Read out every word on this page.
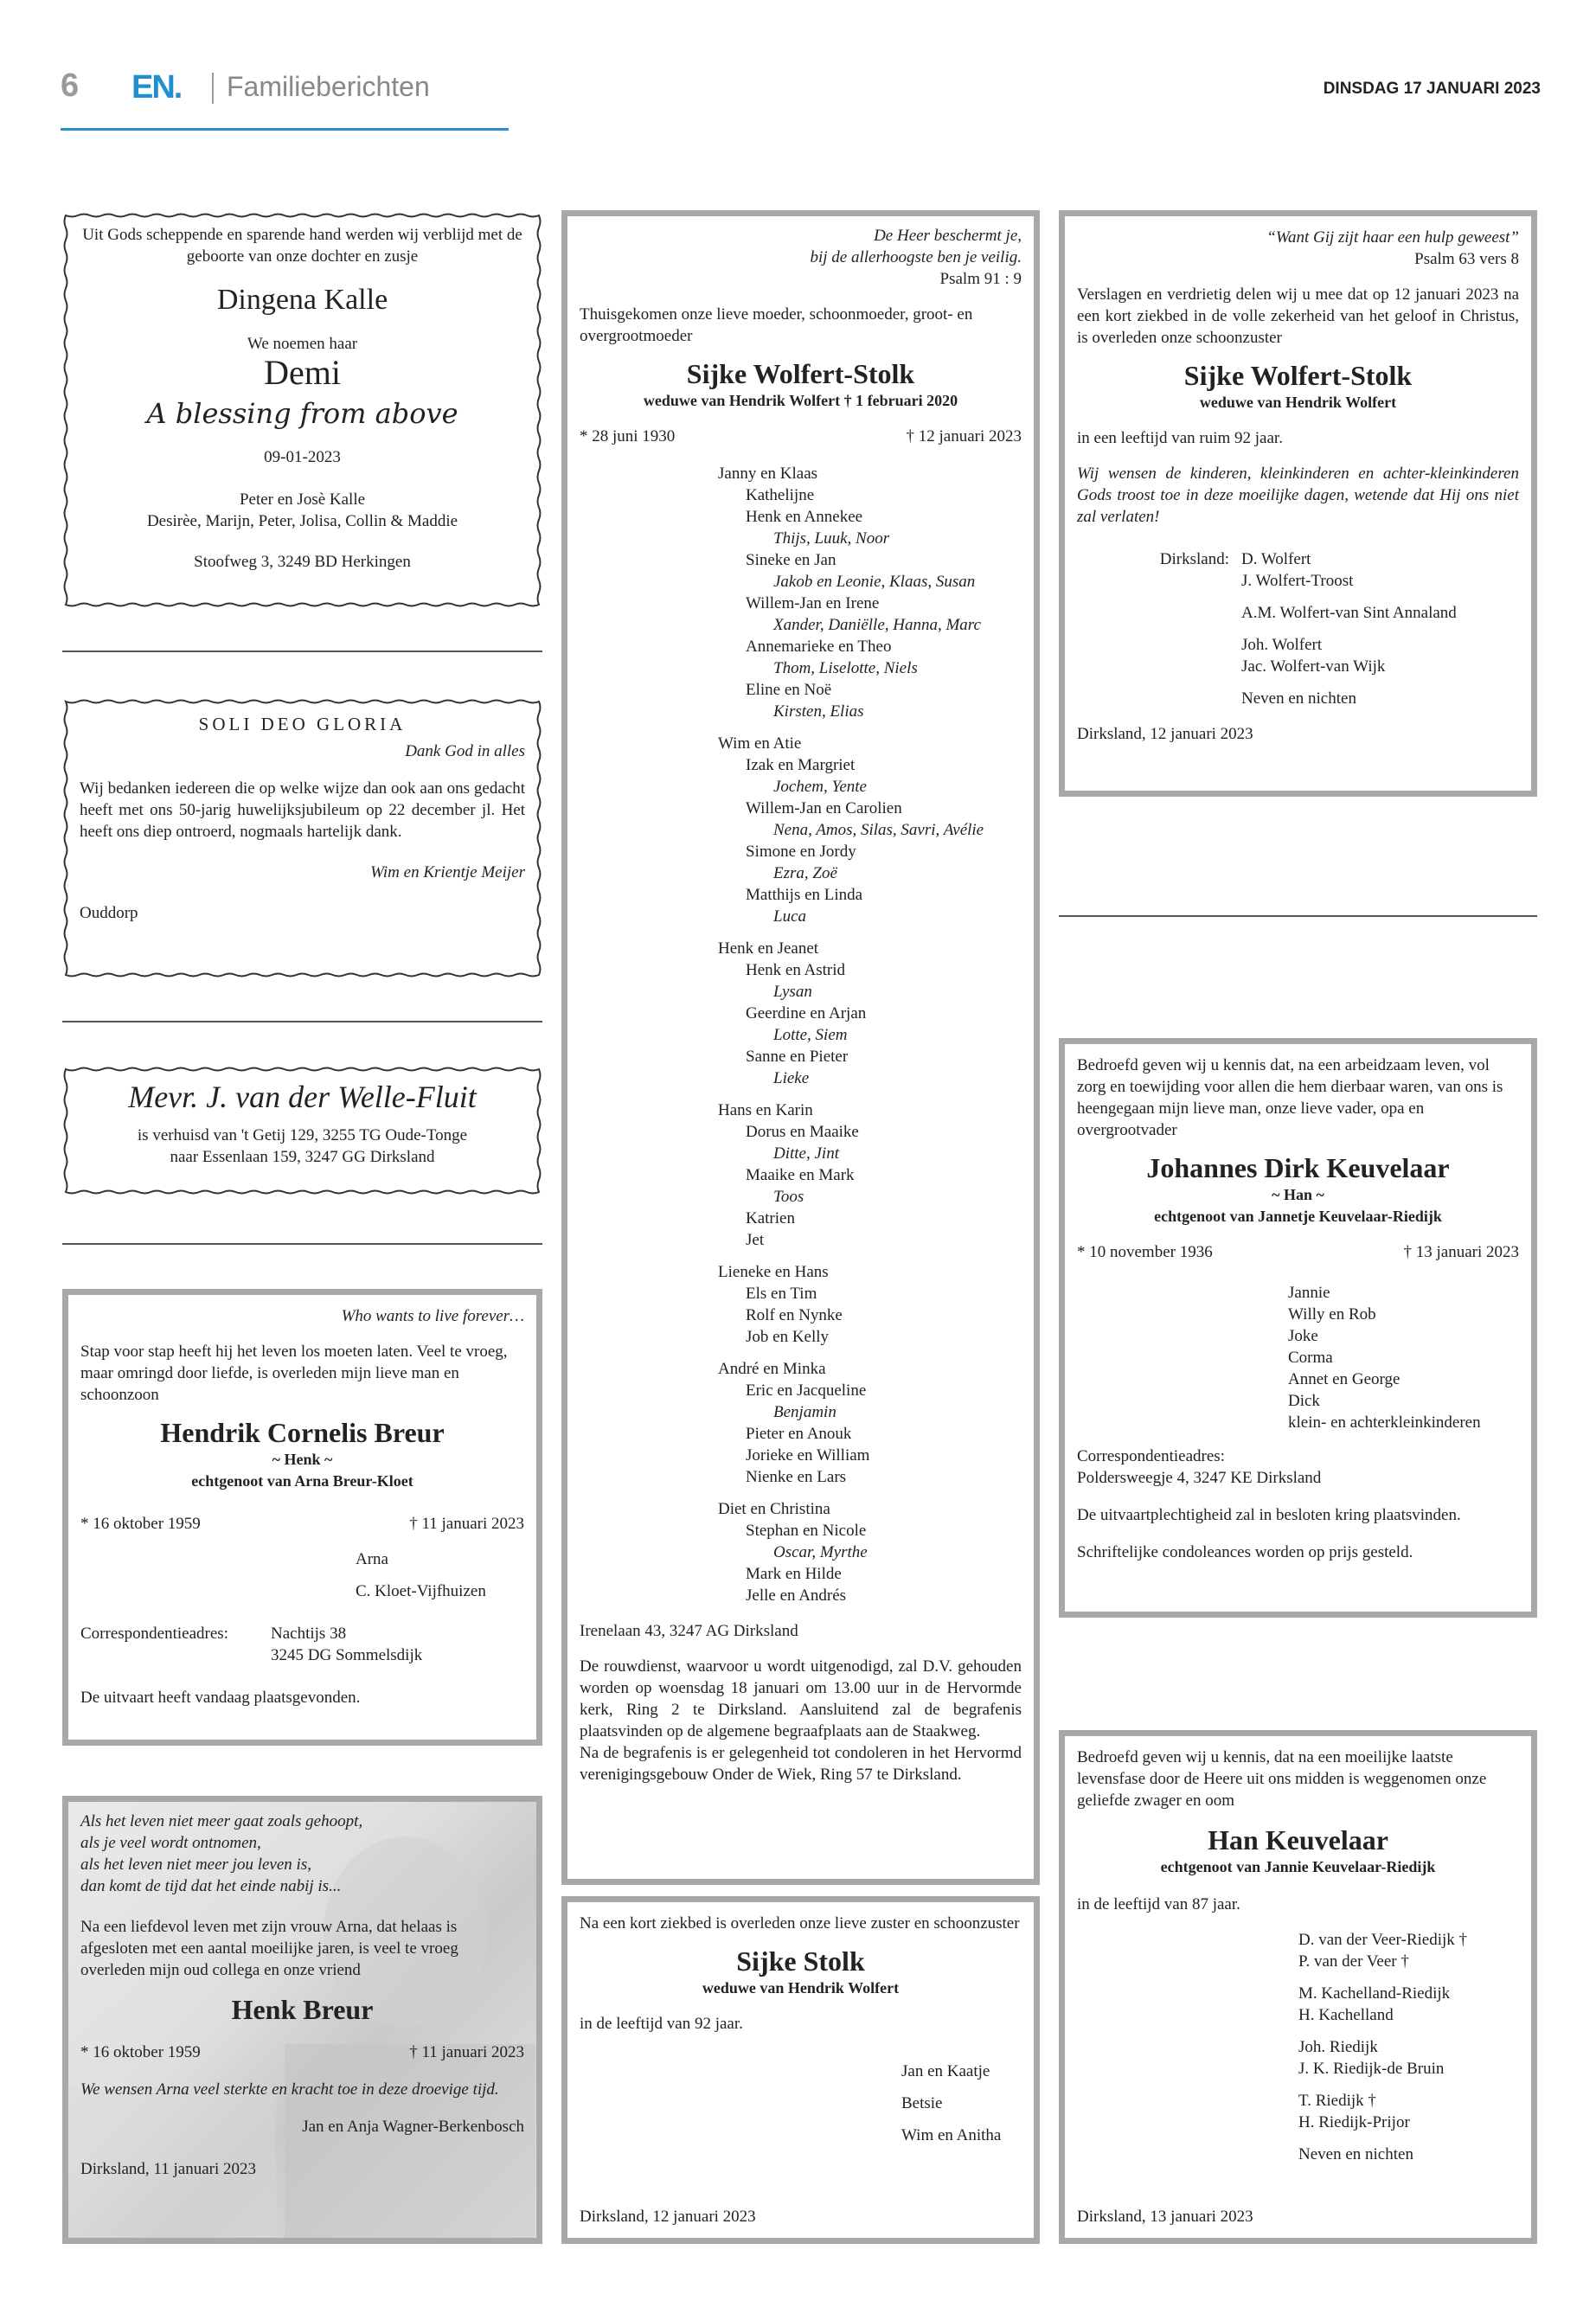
6 EN. Familieberichten	DINSDAG 17 JANUARI 2023

Uit Gods scheppende en sparende hand werden wij verblijd met de geboorte van onze dochter en zusje

Dingena Kalle

We noemen haar

Demi

A blessing from above

09-01-2023

Peter en Josè Kalle

Desirèe, Marijn, Peter, Jolisa, Collin & Maddie

Stoofweg 3, 3249 BD Herkingen

SOLI DEO GLORIA

Dank God in alles

Wij bedanken iedereen die op welke wijze dan ook aan ons gedacht heeft met ons 50-jarig huwelijksjubileum op 22 december jl. Het heeft ons diep ontroerd, nogmaals hartelijk dank.

Wim en Krientje Meijer

Ouddorp

Mevr. J. van der Welle-Fluit

is verhuisd van 't Getij 129, 3255 TG Oude-Tonge

naar Essenlaan 159, 3247 GG Dirksland

Who wants to live forever…

Stap voor stap heeft hij het leven los moeten laten. Veel te vroeg, maar omringd door liefde, is overleden mijn lieve man en schoonzoon

Hendrik Cornelis Breur

~ Henk ~

echtgenoot van Arna Breur-Kloet

* 16 oktober 1959	† 11 januari 2023

Arna

C. Kloet-Vijfhuizen

Correspondentieadres:	Nachtijs 38

3245 DG Sommelsdijk

De uitvaart heeft vandaag plaatsgevonden.

Als het leven niet meer gaat zoals gehoopt,

als je veel wordt ontnomen,

als het leven niet meer jou leven is,

dan komt de tijd dat het einde nabij is...

Na een liefdevol leven met zijn vrouw Arna, dat helaas is afgesloten met een aantal moeilijke jaren, is veel te vroeg overleden mijn oud collega en onze vriend

Henk Breur

* 16 oktober 1959	† 11 januari 2023

We wensen Arna veel sterkte en kracht toe in deze droevige tijd.

Jan en Anja Wagner-Berkenbosch

Dirksland, 11 januari 2023

De Heer beschermt je,

bij de allerhoogste ben je veilig.

Psalm 91 : 9

Thuisgekomen onze lieve moeder, schoonmoeder, groot- en overgrootmoeder

Sijke Wolfert-Stolk

weduwe van Hendrik Wolfert † 1 februari 2020

* 28 juni 1930	† 12 januari 2023

Janny en Klaas

Kathelijne

Henk en Annekee

Thijs, Luuk, Noor

Sineke en Jan

Jakob en Leonie, Klaas, Susan

Willem-Jan en Irene

Xander, Daniëlle, Hanna, Marc

Annemarieke en Theo

Thom, Liselotte, Niels

Eline en Noë

Kirsten, Elias

Wim en Atie

Izak en Margriet

Jochem, Yente

Willem-Jan en Carolien

Nena, Amos, Silas, Savri, Avélie

Simone en Jordy

Ezra, Zoë

Matthijs en Linda

Luca

Henk en Jeanet

Henk en Astrid

Lysan

Geerdine en Arjan

Lotte, Siem

Sanne en Pieter

Lieke

Hans en Karin

Dorus en Maaike

Ditte, Jint

Maaike en Mark

Toos

Katrien

Jet

Lieneke en Hans

Els en Tim

Rolf en Nynke

Job en Kelly

André en Minka

Eric en Jacqueline

Benjamin

Pieter en Anouk

Jorieke en William

Nienke en Lars

Diet en Christina

Stephan en Nicole

Oscar, Myrthe

Mark en Hilde

Jelle en Andrés

Irenelaan 43, 3247 AG Dirksland

De rouwdienst, waarvoor u wordt uitgenodigd, zal D.V. gehouden worden op woensdag 18 januari om 13.00 uur in de Hervormde kerk, Ring 2 te Dirksland. Aansluitend zal de begrafenis plaatsvinden op de algemene begraafplaats aan de Staakweg.

Na de begrafenis is er gelegenheid tot condoleren in het Hervormd verenigingsgebouw Onder de Wiek, Ring 57 te Dirksland.

Na een kort ziekbed is overleden onze lieve zuster en schoonzuster

Sijke Stolk

weduwe van Hendrik Wolfert

in de leeftijd van 92 jaar.

Jan en Kaatje

Betsie

Wim en Anitha

Dirksland, 12 januari 2023

“Want Gij zijt haar een hulp geweest”

Psalm 63 vers 8

Verslagen en verdrietig delen wij u mee dat op 12 januari 2023 na een kort ziekbed in de volle zekerheid van het geloof in Christus, is overleden onze schoonzuster

Sijke Wolfert-Stolk

weduwe van Hendrik Wolfert

in een leeftijd van ruim 92 jaar.

Wij wensen de kinderen, kleinkinderen en achter-kleinkinderen Gods troost toe in deze moeilijke dagen, wetende dat Hij ons niet zal verlaten!

Dirksland: D. Wolfert

J. Wolfert-Troost

A.M. Wolfert-van Sint Annaland

Joh. Wolfert

Jac. Wolfert-van Wijk

Neven en nichten

Dirksland, 12 januari 2023

Bedroefd geven wij u kennis dat, na een arbeidzaam leven, vol zorg en toewijding voor allen die hem dierbaar waren, van ons is heengegaan mijn lieve man, onze lieve vader, opa en overgrootvader

Johannes Dirk Keuvelaar

~ Han ~

echtgenoot van Jannetje Keuvelaar-Riedijk

* 10 november 1936	† 13 januari 2023

Jannie

Willy en Rob

Joke

Corma

Annet en George

Dick

klein- en achterkleinkinderen

Correspondentieadres:

Poldersweegje 4, 3247 KE Dirksland

De uitvaartplechtigheid zal in besloten kring plaatsvinden.

Schriftelijke condoleances worden op prijs gesteld.

Bedroefd geven wij u kennis, dat na een moeilijke laatste levensfase door de Heere uit ons midden is weggenomen onze geliefde zwager en oom

Han Keuvelaar

echtgenoot van Jannie Keuvelaar-Riedijk

in de leeftijd van 87 jaar.

D. van der Veer-Riedijk †

P. van der Veer †

M. Kachelland-Riedijk

H. Kachelland

Joh. Riedijk

J. K. Riedijk-de Bruin

T. Riedijk †

H. Riedijk-Prijor

Neven en nichten

Dirksland, 13 januari 2023
